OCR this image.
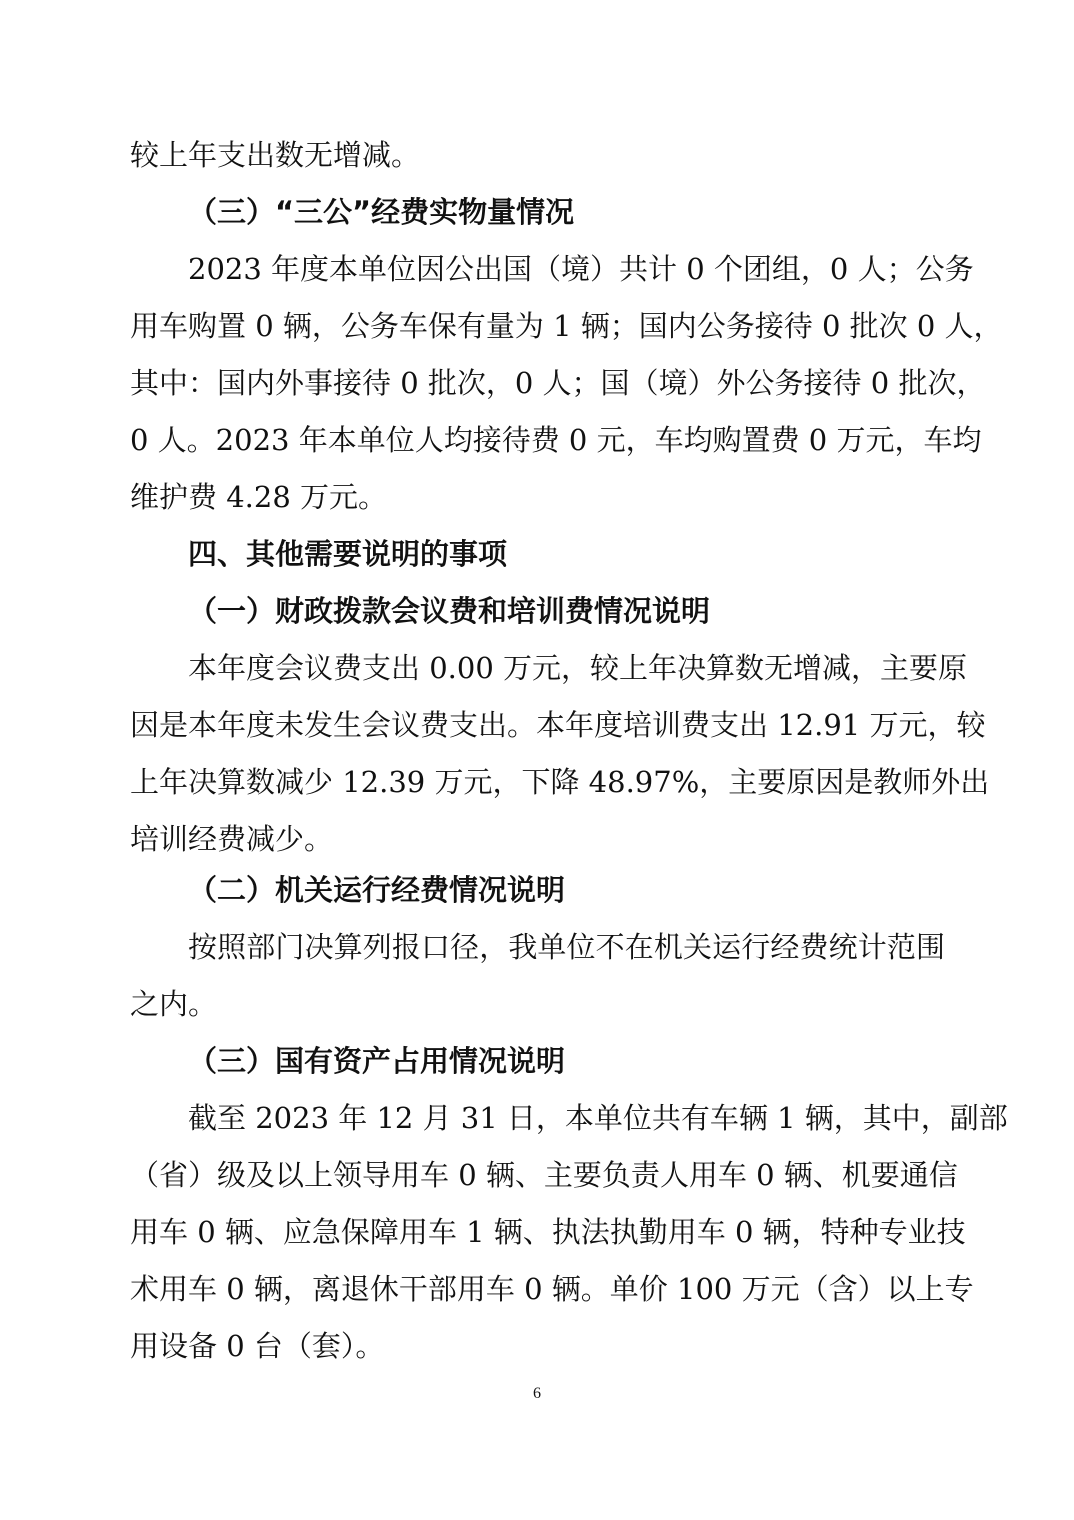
较上年支出数无增减。
（三）“三公”经费实物量情况
2023 年度本单位因公出国（境）共计 0 个团组，0 人；公务
用车购置 0 辆，公务车保有量为 1 辆；国内公务接待 0 批次 0 人，
其中：国内外事接待 0 批次，0 人；国（境）外公务接待 0 批次，
0 人。2023 年本单位人均接待费 0 元，车均购置费 0 万元，车均
维护费 4.28 万元。
四、其他需要说明的事项
（一）财政拨款会议费和培训费情况说明
本年度会议费支出 0.00 万元，较上年决算数无增减，主要原
因是本年度未发生会议费支出。本年度培训费支出 12.91 万元，较
上年决算数减少 12.39 万元，下降 48.97%，主要原因是教师外出
培训经费减少。
（二）机关运行经费情况说明
按照部门决算列报口径，我单位不在机关运行经费统计范围
之内。
（三）国有资产占用情况说明
截至 2023 年 12 月 31 日，本单位共有车辆 1 辆，其中，副部
（省）级及以上领导用车 0 辆、主要负责人用车 0 辆、机要通信
用车 0 辆、应急保障用车 1 辆、执法执勤用车 0 辆，特种专业技
术用车 0 辆，离退休干部用车 0 辆。单价 100 万元（含）以上专
用设备 0 台（套）。
6
